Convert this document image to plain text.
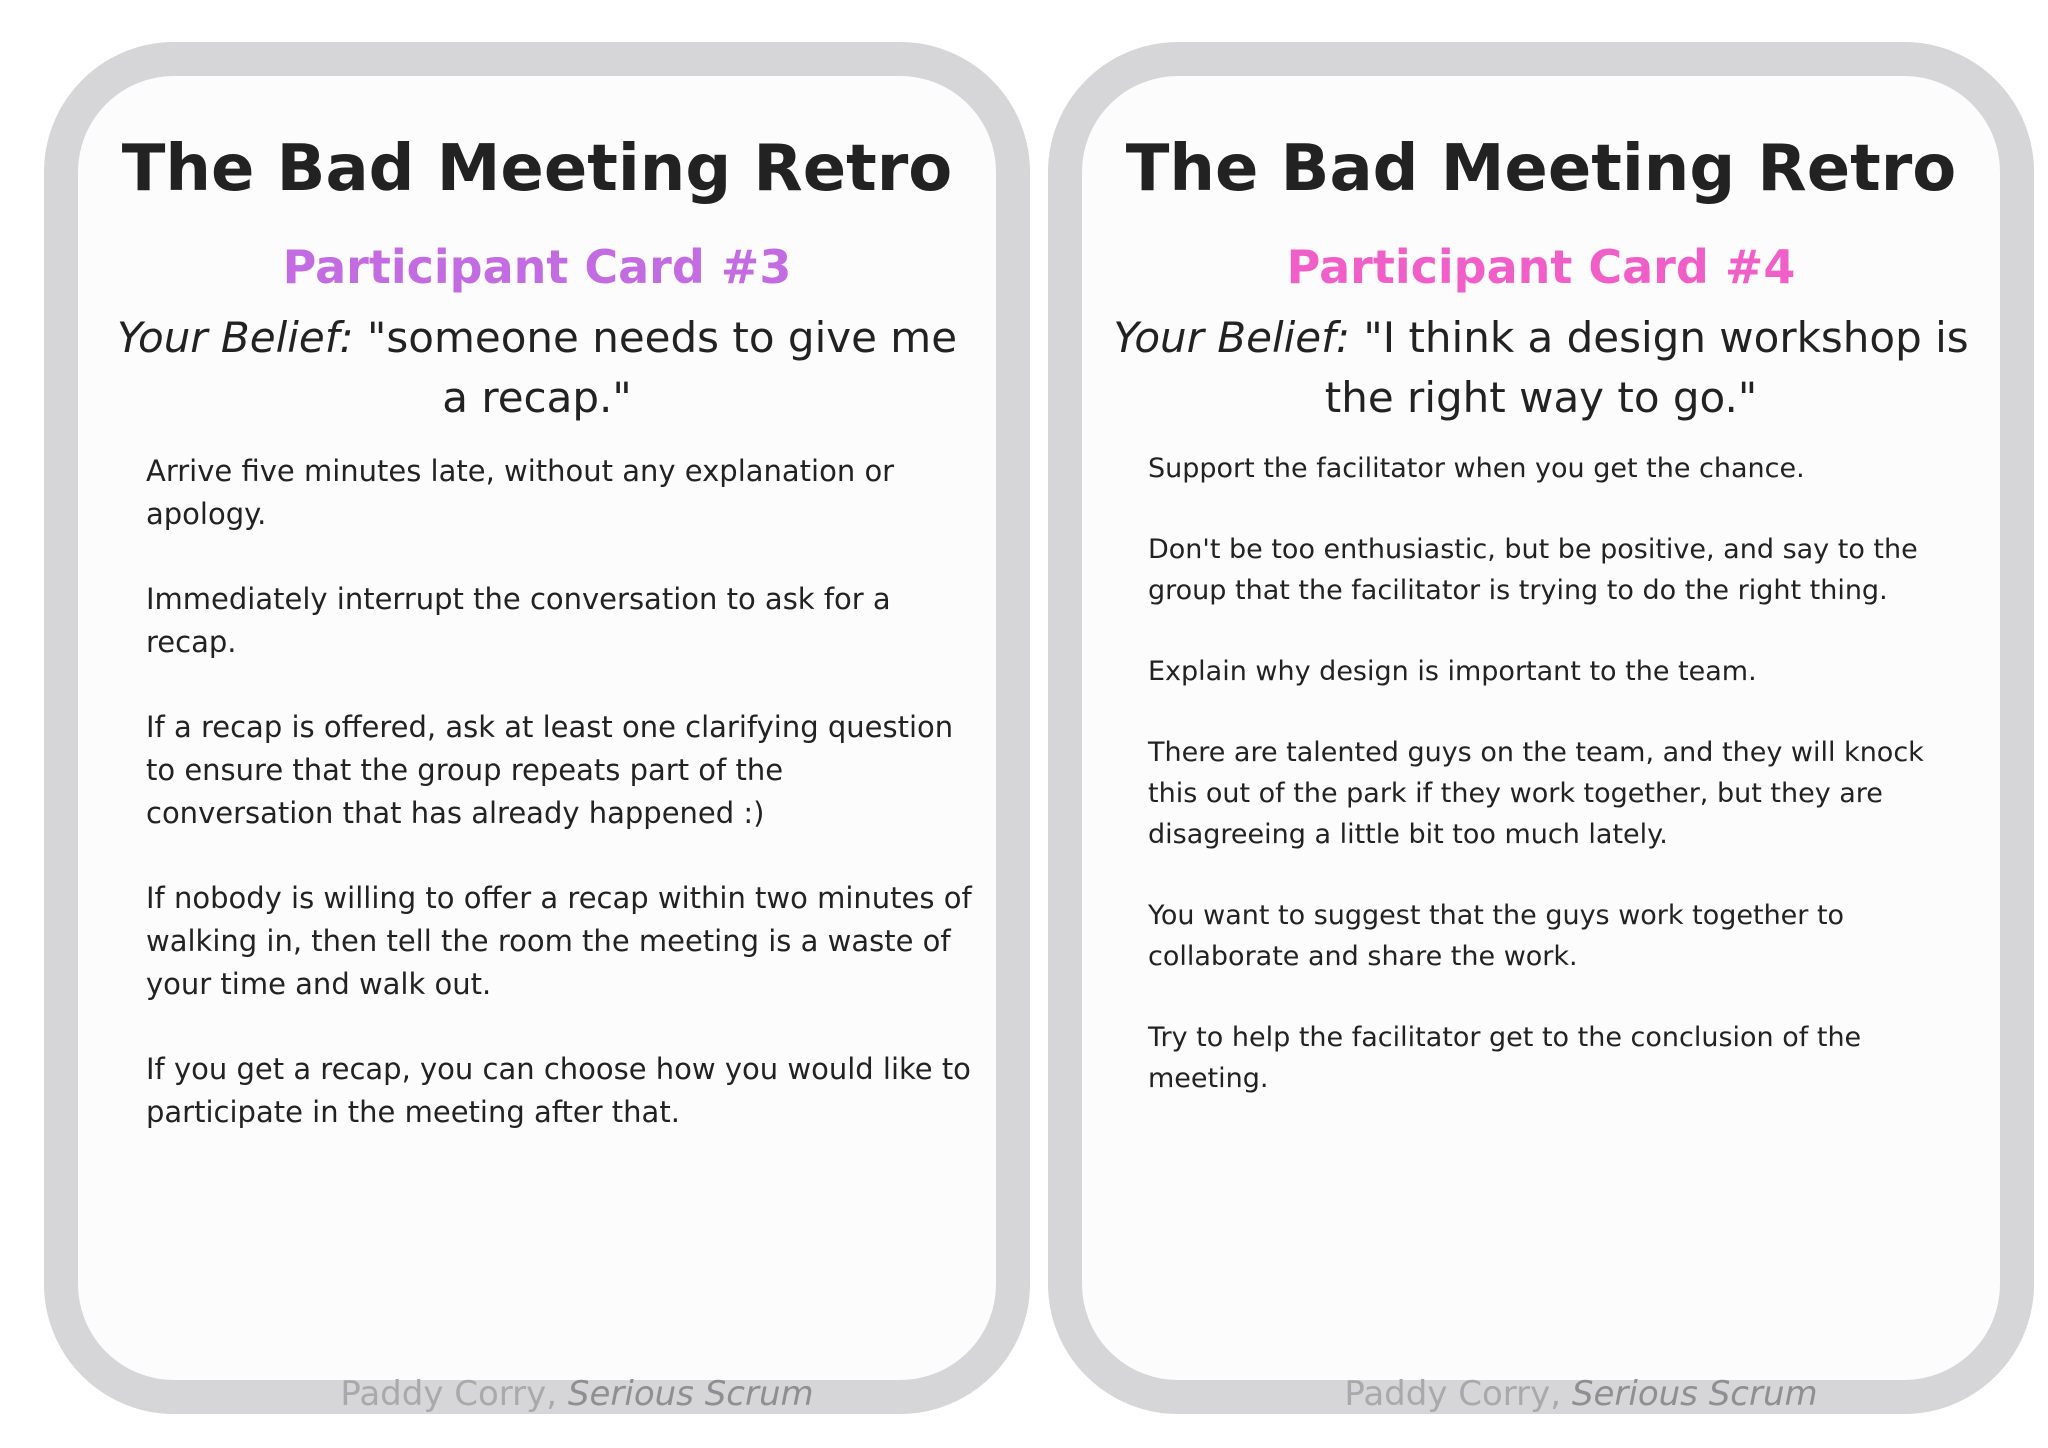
The Bad Meeting Retro
Participant Card #3

Your Belief: "someone needs to give me a recap."

Arrive five minutes late, without any explanation or apology.

Immediately interrupt the conversation to ask for a recap.

If a recap is offered, ask at least one clarifying question to ensure that the group repeats part of the conversation that has already happened :)

If nobody is willing to offer a recap within two minutes of walking in, then tell the room the meeting is a waste of your time and walk out.

If you get a recap, you can choose how you would like to participate in the meeting after that.

Paddy Corry, Serious Scrum
The Bad Meeting Retro
Participant Card #4

Your Belief: "I think a design workshop is the right way to go."

Support the facilitator when you get the chance.

Don't be too enthusiastic, but be positive, and say to the group that the facilitator is trying to do the right thing.

Explain why design is important to the team.

There are talented guys on the team, and they will knock this out of the park if they work together, but they are disagreeing a little bit too much lately.

You want to suggest that the guys work together to collaborate and share the work.

Try to help the facilitator get to the conclusion of the meeting.

Paddy Corry, Serious Scrum
